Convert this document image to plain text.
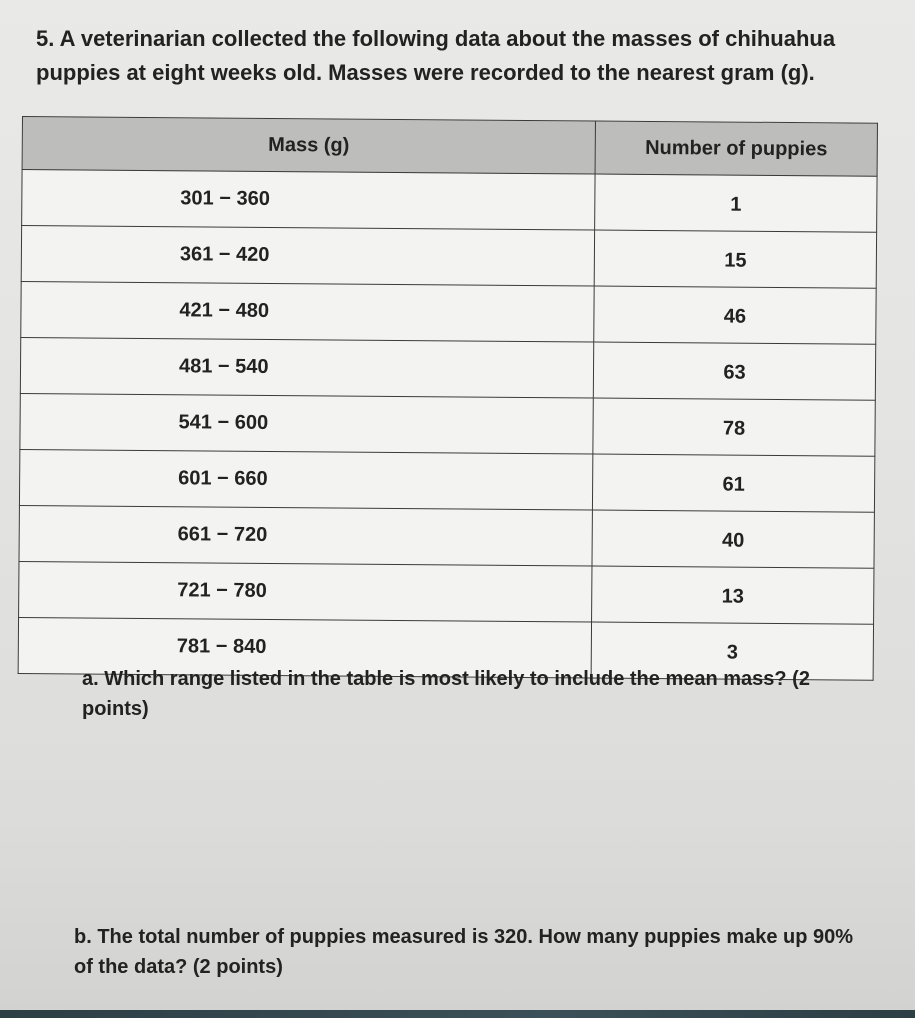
5. A veterinarian collected the following data about the masses of chihuahua puppies at eight weeks old. Masses were recorded to the nearest gram (g).

Mass (g)	Number of puppies
301 − 360	1
361 − 420	15
421 − 480	46
481 − 540	63
541 − 600	78
601 − 660	61
661 − 720	40
721 − 780	13
781 − 840	3

a. Which range listed in the table is most likely to include the mean mass? (2 points)

b. The total number of puppies measured is 320. How many puppies make up 90% of the data? (2 points)
